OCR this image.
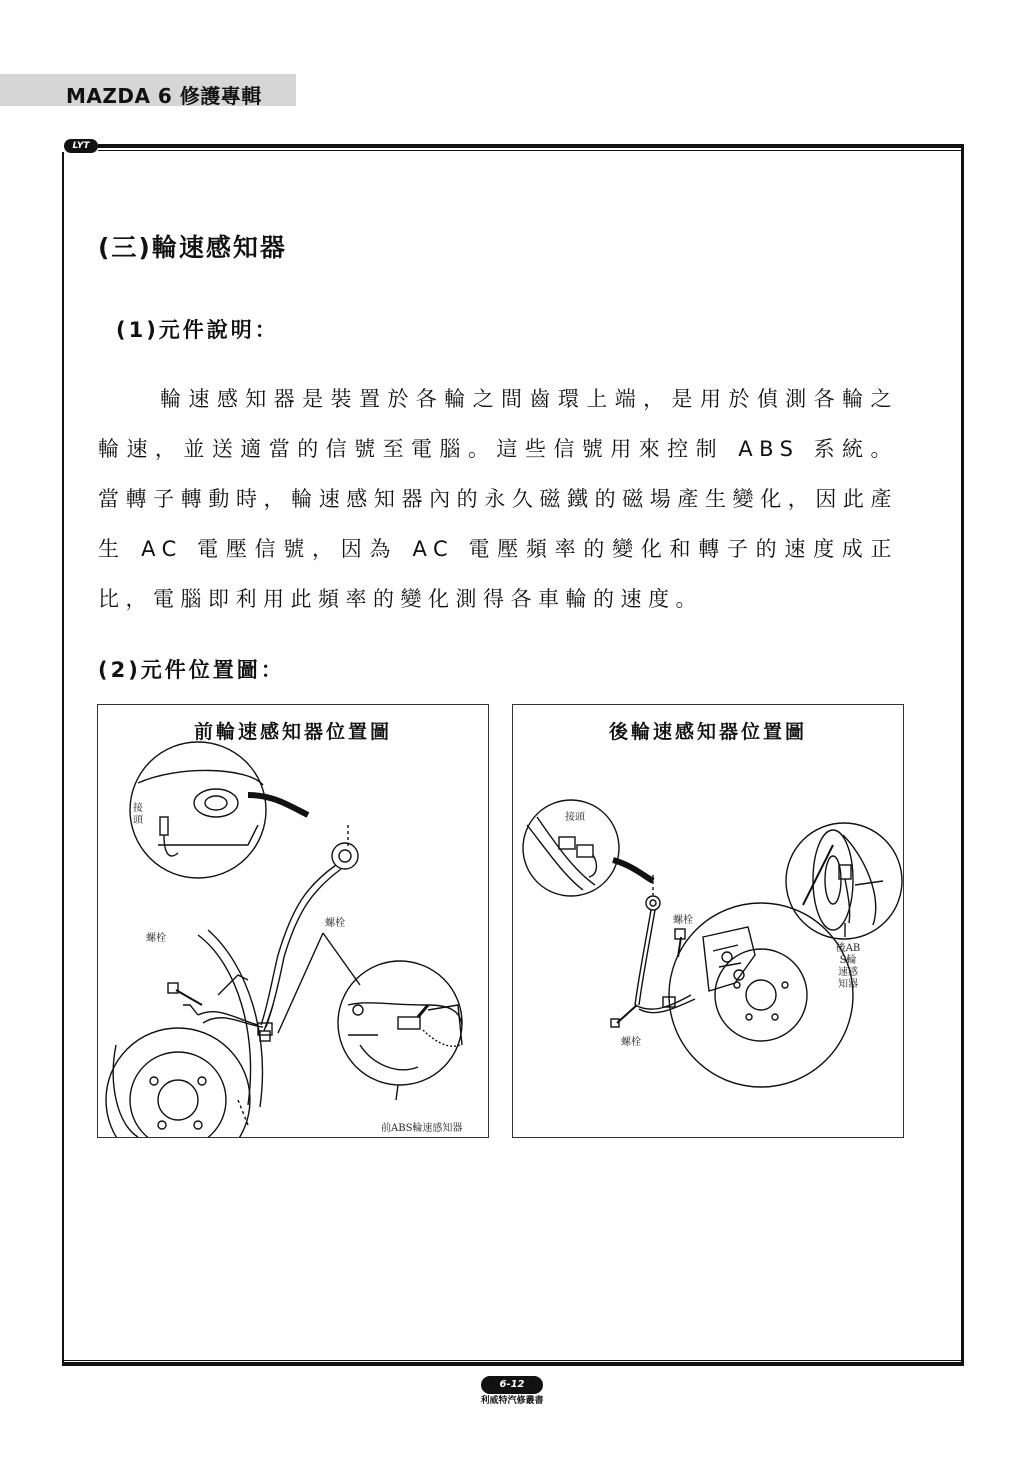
MAZDA 6 修護專輯
LYT
(三)輪速感知器
(1)元件說明：

輪速感知器是裝置於各輪之間齒環上端，是用於偵測各輪之輪速，並送適當的信號至電腦。這些信號用來控制 ABS 系統。當轉子轉動時，輪速感知器內的永久磁鐵的磁場產生變化，因此產生 AC 電壓信號，因為 AC 電壓頻率的變化和轉子的速度成正比，電腦即利用此頻率的變化測得各車輪的速度。

(2)元件位置圖：
前輪速感知器位置圖
接頭
螺栓
螺栓
前ABS輪速感知器
後輪速感知器位置圖
接頭
螺栓
螺栓
後ABS輪速感知器
6-12
利威特汽修叢書
